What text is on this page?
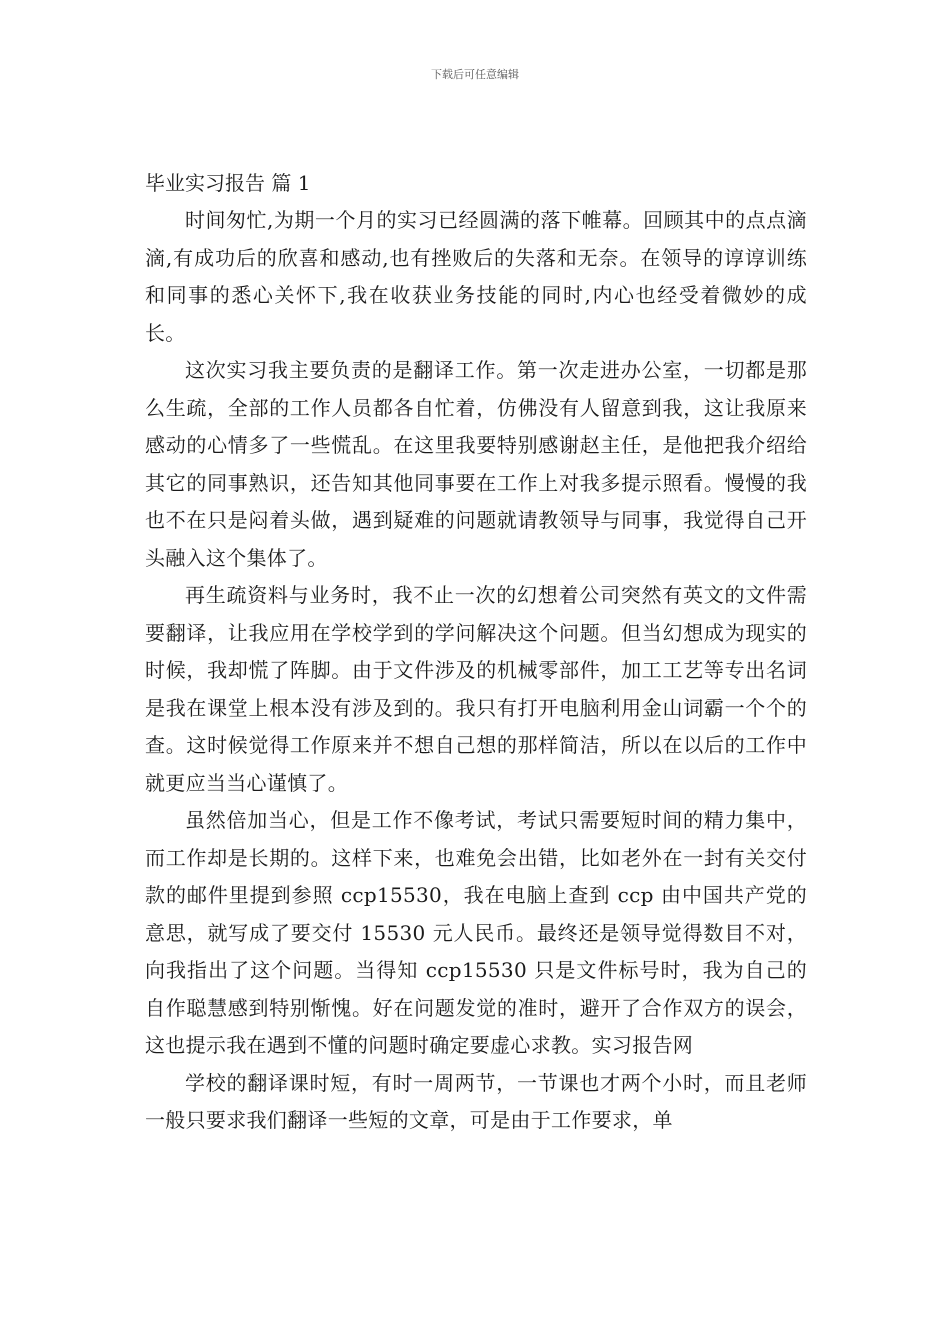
下载后可任意编辑
毕业实习报告 篇 1

时间匆忙,为期一个月的实习已经圆满的落下帷幕。回顾其中的点点滴滴,有成功后的欣喜和感动,也有挫败后的失落和无奈。在领导的谆谆训练和同事的悉心关怀下,我在收获业务技能的同时,内心也经受着微妙的成长。

这次实习我主要负责的是翻译工作。第一次走进办公室，一切都是那么生疏，全部的工作人员都各自忙着，仿佛没有人留意到我，这让我原来感动的心情多了一些慌乱。在这里我要特别感谢赵主任，是他把我介绍给其它的同事熟识，还告知其他同事要在工作上对我多提示照看。慢慢的我也不在只是闷着头做，遇到疑难的问题就请教领导与同事，我觉得自己开头融入这个集体了。

再生疏资料与业务时，我不止一次的幻想着公司突然有英文的文件需要翻译，让我应用在学校学到的学问解决这个问题。但当幻想成为现实的时候，我却慌了阵脚。由于文件涉及的机械零部件，加工工艺等专出名词是我在课堂上根本没有涉及到的。我只有打开电脑利用金山词霸一个个的查。这时候觉得工作原来并不想自己想的那样简洁，所以在以后的工作中就更应当当心谨慎了。

虽然倍加当心，但是工作不像考试，考试只需要短时间的精力集中，而工作却是长期的。这样下来，也难免会出错，比如老外在一封有关交付款的邮件里提到参照 ccp15530，我在电脑上查到 ccp 由中国共产党的意思，就写成了要交付 15530 元人民币。最终还是领导觉得数目不对，向我指出了这个问题。当得知 ccp15530 只是文件标号时，我为自己的自作聪慧感到特别惭愧。好在问题发觉的准时，避开了合作双方的误会，这也提示我在遇到不懂的问题时确定要虚心求教。实习报告网

学校的翻译课时短，有时一周两节，一节课也才两个小时，而且老师一般只要求我们翻译一些短的文章，可是由于工作要求，单
